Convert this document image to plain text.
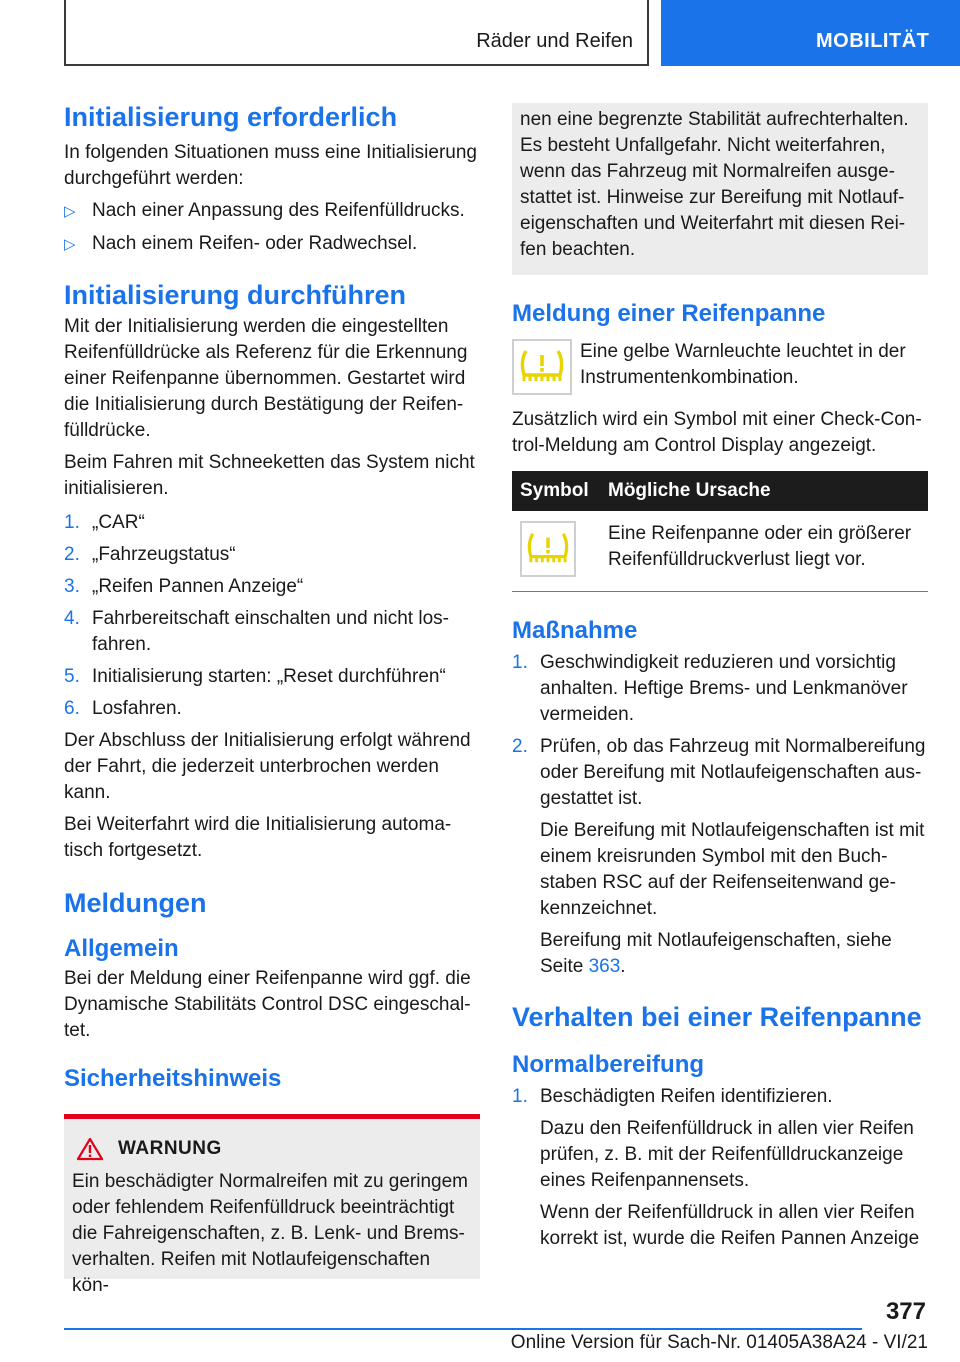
Räder und Reifen	MOBILITÄT
Initialisierung erforderlich

In folgenden Situationen muss eine Initialisierung durchgeführt werden:

▷ Nach einer Anpassung des Reifenfülldrucks.
▷ Nach einem Reifen- oder Radwechsel.
Initialisierung durchführen

Mit der Initialisierung werden die eingestellten Reifenfülldrücke als Referenz für die Erkennung einer Reifenpanne übernommen. Gestartet wird die Initialisierung durch Bestätigung der Reifen-fülldrücke.

Beim Fahren mit Schneeketten das System nicht initialisieren.

1. „CAR“
2. „Fahrzeugstatus“
3. „Reifen Pannen Anzeige“
4. Fahrbereitschaft einschalten und nicht los-fahren.
5. Initialisierung starten: „Reset durchführen“
6. Losfahren.

Der Abschluss der Initialisierung erfolgt während der Fahrt, die jederzeit unterbrochen werden kann.

Bei Weiterfahrt wird die Initialisierung automa-tisch fortgesetzt.

Meldungen
Allgemein

Bei der Meldung einer Reifenpanne wird ggf. die Dynamische Stabilitäts Control DSC eingeschal-tet.

Sicherheitshinweis
WARNUNG

Ein beschädigter Normalreifen mit zu geringem oder fehlendem Reifenfülldruck beeinträchtigt die Fahreigenschaften, z. B. Lenk- und Brems-verhalten. Reifen mit Notlaufeigenschaften kön-

nen eine begrenzte Stabilität aufrechterhalten. Es besteht Unfallgefahr. Nicht weiterfahren, wenn das Fahrzeug mit Normalreifen ausge-stattet ist. Hinweise zur Bereifung mit Notlauf-eigenschaften und Weiterfahrt mit diesen Rei-fen beachten.

Meldung einer Reifenpanne

Eine gelbe Warnleuchte leuchtet in der Instrumentenkombination.

Zusätzlich wird ein Symbol mit einer Check-Con-trol-Meldung am Control Display angezeigt.

Symbol	Mögliche Ursache

	Eine Reifenpanne oder ein größerer Reifenfülldruckverlust liegt vor.
Maßnahme
1. Geschwindigkeit reduzieren und vorsichtig anhalten. Heftige Brems- und Lenkmanöver vermeiden.
2. Prüfen, ob das Fahrzeug mit Normalbereifung oder Bereifung mit Notlaufeigenschaften aus-gestattet ist.

Die Bereifung mit Notlaufeigenschaften ist mit einem kreisrunden Symbol mit den Buch-staben RSC auf der Reifenseitenwand ge-kennzeichnet.

Bereifung mit Notlaufeigenschaften, siehe Seite 363.

Verhalten bei einer Reifenpanne
Normalbereifung
1. Beschädigten Reifen identifizieren.

Dazu den Reifenfülldruck in allen vier Reifen prüfen, z. B. mit der Reifenfülldruckanzeige eines Reifenpannensets.

Wenn der Reifenfülldruck in allen vier Reifen korrekt ist, wurde die Reifen Pannen Anzeige

377
Online Version für Sach-Nr. 01405A38A24 - VI/21
